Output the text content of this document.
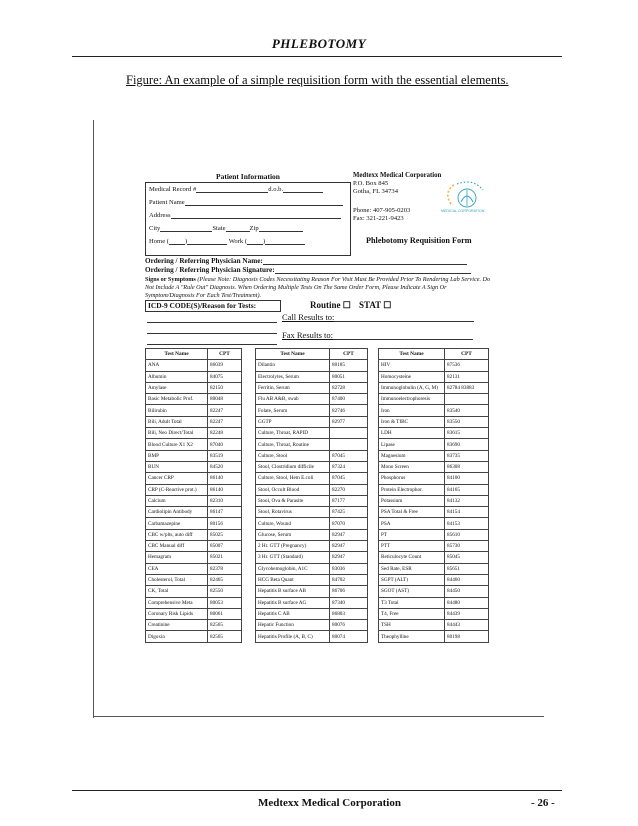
PHLEBOTOMY
Figure: An example of a simple requisition form with the essential elements.
Patient Information
Medical Record #	d.o.b.
Patient Name
Address
City	State	Zip
Home ( )	Work ( )
Medtexx Medical Corporation
P.O. Box 845
Gotha, FL 34734

Phone: 407-905-0203
Fax: 321-221-9423
MEDICAL CORPORATION
Phlebotomy Requisition Form
Ordering / Referring Physician Name:
Ordering / Referring Physician Signature:
Signs or Symptoms (Please Note: Diagnosis Codes Necessitating Reason For Visit Must Be Provided Prior To Rendering Lab Service. Do Not Include A "Rule Out" Diagnosis. When Ordering Multiple Tests On The Same Order Form, Please Indicate A Sign Or Symptom/Diagnosis For Each Test/Treatment).
ICD-9 CODE(S)/Reason for Tests:	Routine ☐ STAT ☐
Call Results to:
Fax Results to:
Test Name	CPT
ANA	86039
Albumin	84075
Amylase	82150
Basic Metabolic Prof.	80048
Bilirubin	82247
Bili, Adult Total	82247
Bili, Neo Direct/Total	82248
Blood Culture X1 X2	87040
BMP	83519
BUN	84520
Cancer CRP	86140
CRP (C-Reactive prot.)	86140
Calcium	82310
Cardiolipin Antibody	86147
Carbamazepine	80156
CBC w/plts, auto diff	85025
CBC Manual diff	85007
Hemagram	85021
CEA	82378
Cholesterol, Total	82465
CK, Total	82550
Comprehensive Meta	80053
Coronary Risk Lipids	80061
Creatinine	82565
Digoxin	82565
Test Name	CPT
Dilantin	80185
Electrolytes, Serum	80051
Ferritin, Serum	82728
Flu AB A&B, swab	87400
Folate, Serum	82746
GGTP	82977
Culture, Throat, RAPID	
Culture, Throat, Routine	
Culture, Stool	87045
Stool, Clostridium difficile	87324
Culture, Stool, Hem E.coli	87045
Stool, Occult Blood	82270
Stool, Ova & Parasite	87177
Stool, Rotavirus	87425
Culture, Wound	87070
Glucose, Serum	82947
2 Hr. GTT (Pregnancy)	82947
3 Hr. GTT (Standard)	82947
Glycohemoglobin, A1C	83036
HCG Beta Quant	84702
Hepatitis B surface AB	86706
Hepatitis B surface AG	87340
Hepatitis C AB	86803
Hepatic Function	80076
Hepatitis Profile (A, B, C)	80074
Test Name	CPT
HIV	87536
Homocysteine	82131
Immunoglobulin (A, G, M)	82784 83883
Immunoelectrophoresis	
Iron	83540
Iron & TIBC	83550
LDH	83615
Lipase	83690
Magnesium	83735
Mono Screen	86308
Phosphorus	84100
Protein Electrophor.	84165
Potassium	84132
PSA Total & Free	84154
PSA	84153
PT	85610
PTT	85730
Reticulocyte Count	85045
Sed Rate, ESR	85651
SGPT (ALT)	84460
SGOT (AST)	84450
T3 Total	84480
T4, Free	84439
TSH	84443
Theophylline	80198
Medtexx Medical Corporation	- 26 -
